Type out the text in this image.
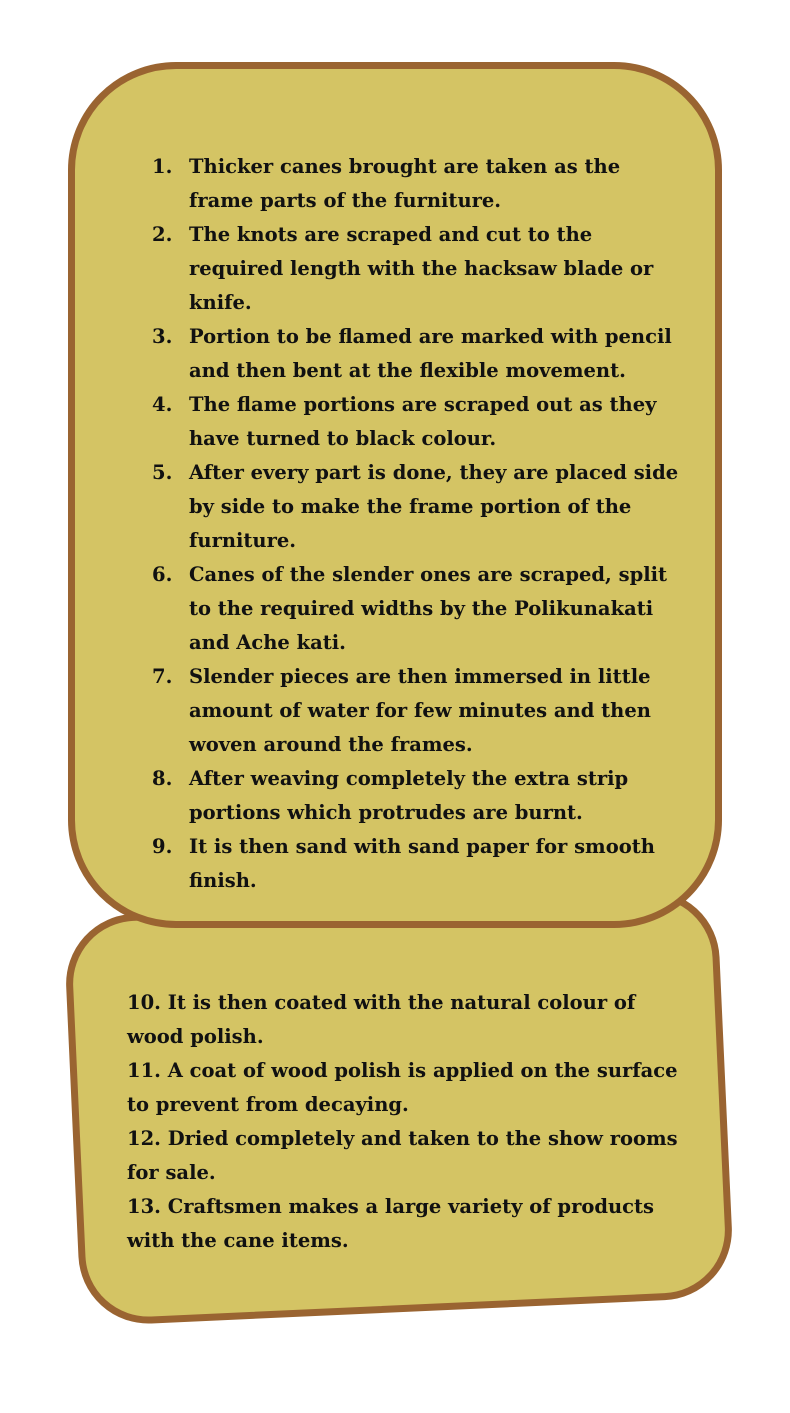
1. Thicker canes brought are taken as the frame parts of the furniture.
2. The knots are scraped and cut to the required length with the hacksaw blade or knife.
3. Portion to be flamed are marked with pencil and then bent at the flexible movement.
4. The flame portions are scraped out as they have turned to black colour.
5. After every part is done, they are placed side by side to make the frame portion of the furniture.
6. Canes of the slender ones are scraped, split to the required widths by the Polikunakati and Ache kati.
7. Slender pieces are then immersed in little amount of water for few minutes and then woven around the frames.
8. After weaving completely the extra strip portions which protrudes are burnt.
9. It is then sand with sand paper for smooth finish.
10. It is then coated with the natural colour of wood polish.
11. A coat of wood polish is applied on the surface to prevent from decaying.
12. Dried completely and taken to the show rooms for sale.
13. Craftsmen makes a large variety of products with the cane items.
